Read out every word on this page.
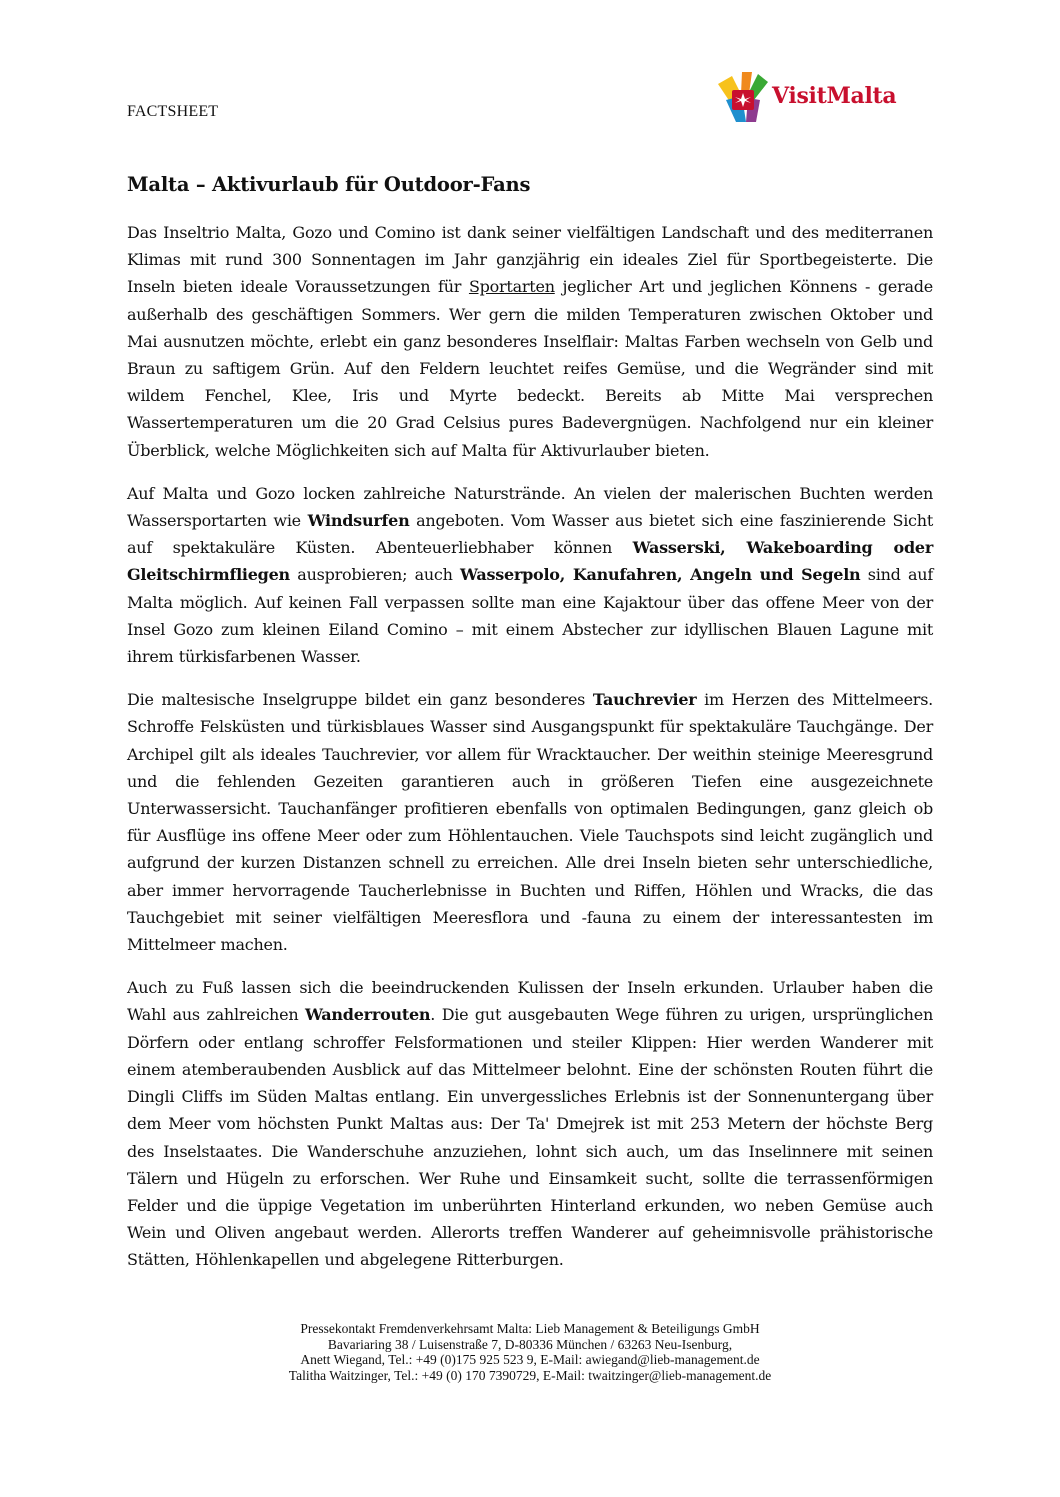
FACTSHEET
VisitMalta
Malta – Aktivurlaub für Outdoor-Fans

Das Inseltrio Malta, Gozo und Comino ist dank seiner vielfältigen Landschaft und des mediterranen Klimas mit rund 300 Sonnentagen im Jahr ganzjährig ein ideales Ziel für Sportbegeisterte. Die Inseln bieten ideale Voraussetzungen für Sportarten jeglicher Art und jeglichen Könnens - gerade außerhalb des geschäftigen Sommers. Wer gern die milden Temperaturen zwischen Oktober und Mai ausnutzen möchte, erlebt ein ganz besonderes Inselflair: Maltas Farben wechseln von Gelb und Braun zu saftigem Grün. Auf den Feldern leuchtet reifes Gemüse, und die Wegränder sind mit wildem Fenchel, Klee, Iris und Myrte bedeckt. Bereits ab Mitte Mai versprechen Wassertemperaturen um die 20 Grad Celsius pures Badevergnügen. Nachfolgend nur ein kleiner Überblick, welche Möglichkeiten sich auf Malta für Aktivurlauber bieten.

Auf Malta und Gozo locken zahlreiche Naturstrände. An vielen der malerischen Buchten werden Wassersportarten wie Windsurfen angeboten. Vom Wasser aus bietet sich eine faszinierende Sicht auf spektakuläre Küsten. Abenteuerliebhaber können Wasserski, Wakeboarding oder Gleitschirmfliegen ausprobieren; auch Wasserpolo, Kanufahren, Angeln und Segeln sind auf Malta möglich. Auf keinen Fall verpassen sollte man eine Kajaktour über das offene Meer von der Insel Gozo zum kleinen Eiland Comino – mit einem Abstecher zur idyllischen Blauen Lagune mit ihrem türkisfarbenen Wasser.

Die maltesische Inselgruppe bildet ein ganz besonderes Tauchrevier im Herzen des Mittelmeers. Schroffe Felsküsten und türkisblaues Wasser sind Ausgangspunkt für spektakuläre Tauchgänge. Der Archipel gilt als ideales Tauchrevier, vor allem für Wracktaucher. Der weithin steinige Meeresgrund und die fehlenden Gezeiten garantieren auch in größeren Tiefen eine ausgezeichnete Unterwassersicht. Tauchanfänger profitieren ebenfalls von optimalen Bedingungen, ganz gleich ob für Ausflüge ins offene Meer oder zum Höhlentauchen. Viele Tauchspots sind leicht zugänglich und aufgrund der kurzen Distanzen schnell zu erreichen. Alle drei Inseln bieten sehr unterschiedliche, aber immer hervorragende Taucherlebnisse in Buchten und Riffen, Höhlen und Wracks, die das Tauchgebiet mit seiner vielfältigen Meeresflora und -fauna zu einem der interessantesten im Mittelmeer machen.

Auch zu Fuß lassen sich die beeindruckenden Kulissen der Inseln erkunden. Urlauber haben die Wahl aus zahlreichen Wanderrouten. Die gut ausgebauten Wege führen zu urigen, ursprünglichen Dörfern oder entlang schroffer Felsformationen und steiler Klippen: Hier werden Wanderer mit einem atemberaubenden Ausblick auf das Mittelmeer belohnt. Eine der schönsten Routen führt die Dingli Cliffs im Süden Maltas entlang. Ein unvergessliches Erlebnis ist der Sonnenuntergang über dem Meer vom höchsten Punkt Maltas aus: Der Ta' Dmejrek ist mit 253 Metern der höchste Berg des Inselstaates. Die Wanderschuhe anzuziehen, lohnt sich auch, um das Inselinnere mit seinen Tälern und Hügeln zu erforschen. Wer Ruhe und Einsamkeit sucht, sollte die terrassenförmigen Felder und die üppige Vegetation im unberührten Hinterland erkunden, wo neben Gemüse auch Wein und Oliven angebaut werden. Allerorts treffen Wanderer auf geheimnisvolle prähistorische Stätten, Höhlenkapellen und abgelegene Ritterburgen.

Pressekontakt Fremdenverkehrsamt Malta: Lieb Management & Beteiligungs GmbH
Bavariaring 38 / Luisenstraße 7, D-80336 München / 63263 Neu-Isenburg,
Anett Wiegand, Tel.: +49 (0)175 925 523 9, E-Mail: awiegand@lieb-management.de
Talitha Waitzinger, Tel.: +49 (0) 170 7390729, E-Mail: twaitzinger@lieb-management.de
